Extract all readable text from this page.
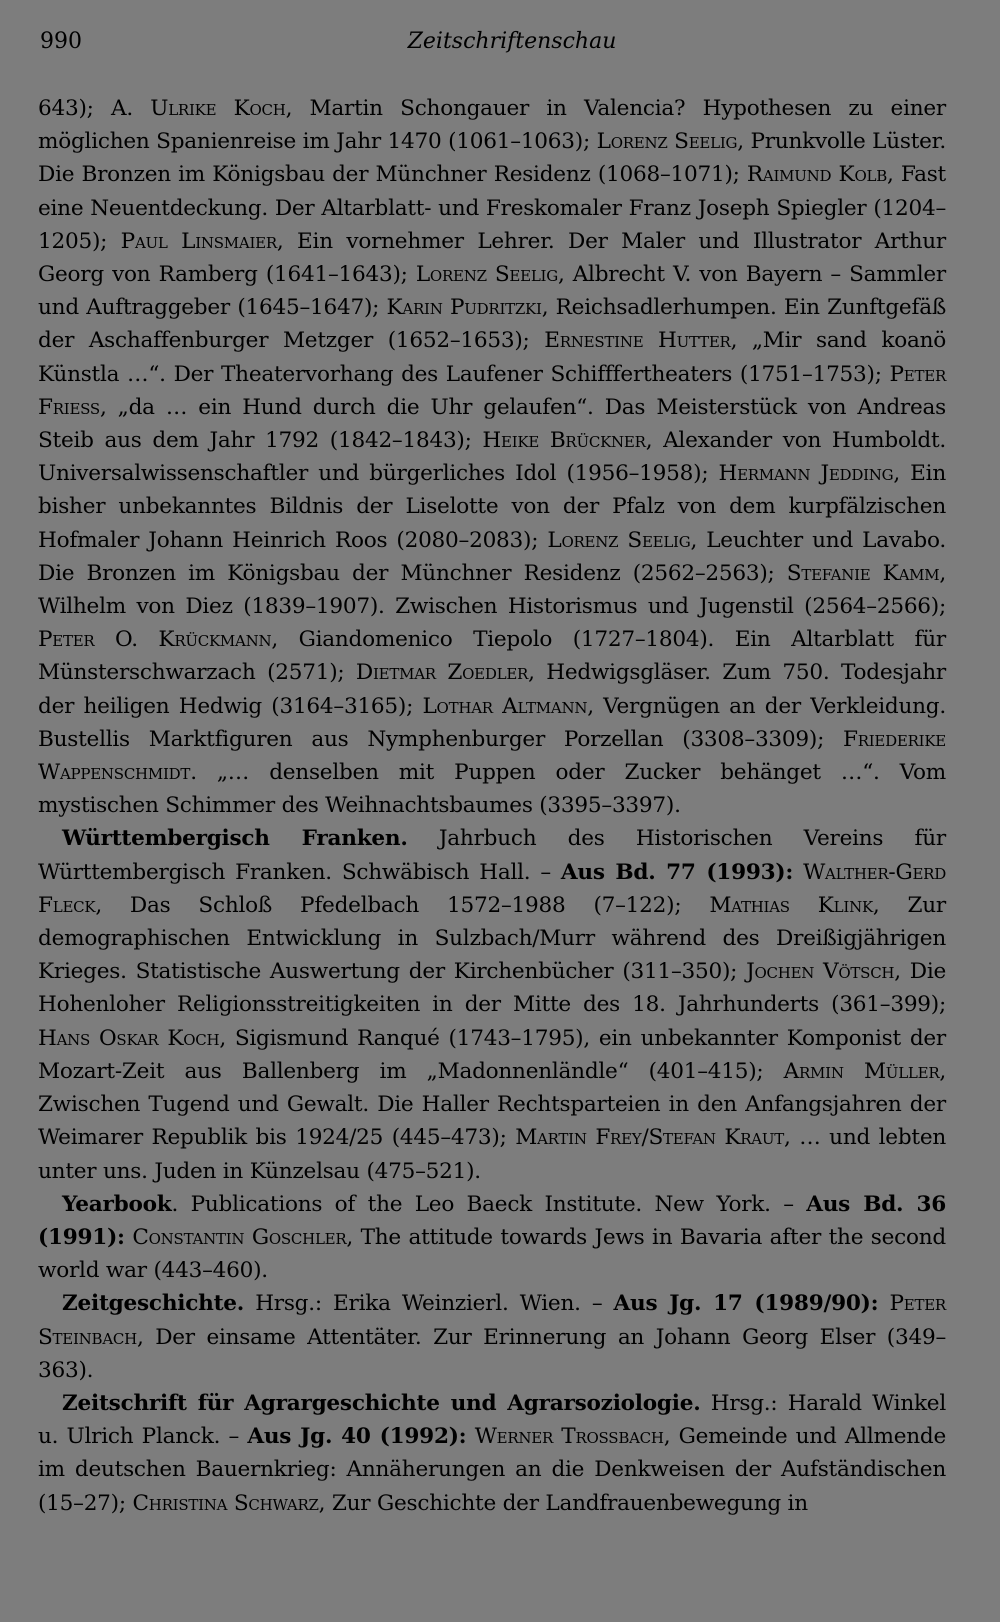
990	Zeitschriftenschau

643); A. Ulrike Koch, Martin Schongauer in Valencia? Hypothesen zu einer möglichen Spanienreise im Jahr 1470 (1061–1063); Lorenz Seelig, Prunkvolle Lüster. Die Bronzen im Königsbau der Münchner Residenz (1068–1071); Raimund Kolb, Fast eine Neuentdeckung. Der Altarblatt- und Freskomaler Franz Joseph Spiegler (1204–1205); Paul Linsmaier, Ein vornehmer Lehrer. Der Maler und Illustrator Arthur Georg von Ramberg (1641–1643); Lorenz Seelig, Albrecht V. von Bayern – Sammler und Auftraggeber (1645–1647); Karin Pudritzki, Reichsadlerhumpen. Ein Zunftgefäß der Aschaffenburger Metzger (1652–1653); Ernestine Hutter, „Mir sand koanö Künstla …“. Der Theatervorhang des Laufener Schifffertheaters (1751–1753); Peter Friess, „da … ein Hund durch die Uhr gelaufen“. Das Meisterstück von Andreas Steib aus dem Jahr 1792 (1842–1843); Heike Brückner, Alexander von Humboldt. Universalwissenschaftler und bürgerliches Idol (1956–1958); Hermann Jedding, Ein bisher unbekanntes Bildnis der Liselotte von der Pfalz von dem kurpfälzischen Hofmaler Johann Heinrich Roos (2080–2083); Lorenz Seelig, Leuchter und Lavabo. Die Bronzen im Königsbau der Münchner Residenz (2562–2563); Stefanie Kamm, Wilhelm von Diez (1839–1907). Zwischen Historismus und Jugenstil (2564–2566); Peter O. Krückmann, Giandomenico Tiepolo (1727–1804). Ein Altarblatt für Münsterschwarzach (2571); Dietmar Zoedler, Hedwigsgläser. Zum 750. Todesjahr der heiligen Hedwig (3164–3165); Lothar Altmann, Vergnügen an der Verkleidung. Bustellis Marktfiguren aus Nymphenburger Porzellan (3308–3309); Friederike Wappenschmidt. „… denselben mit Puppen oder Zucker behänget …“. Vom mystischen Schimmer des Weihnachtsbaumes (3395–3397).

Württembergisch Franken. Jahrbuch des Historischen Vereins für Württembergisch Franken. Schwäbisch Hall. – Aus Bd. 77 (1993): Walther-Gerd Fleck, Das Schloß Pfedelbach 1572–1988 (7–122); Mathias Klink, Zur demographischen Entwicklung in Sulzbach/Murr während des Dreißigjährigen Krieges. Statistische Auswertung der Kirchenbücher (311–350); Jochen Vötsch, Die Hohenloher Religionsstreitigkeiten in der Mitte des 18. Jahrhunderts (361–399); Hans Oskar Koch, Sigismund Ranqué (1743–1795), ein unbekannter Komponist der Mozart-Zeit aus Ballenberg im „Madonnenländle“ (401–415); Armin Müller, Zwischen Tugend und Gewalt. Die Haller Rechtsparteien in den Anfangsjahren der Weimarer Republik bis 1924/25 (445–473); Martin Frey/Stefan Kraut, … und lebten unter uns. Juden in Künzelsau (475–521).

Yearbook. Publications of the Leo Baeck Institute. New York. – Aus Bd. 36 (1991): Constantin Goschler, The attitude towards Jews in Bavaria after the second world war (443–460).

Zeitgeschichte. Hrsg.: Erika Weinzierl. Wien. – Aus Jg. 17 (1989/90): Peter Steinbach, Der einsame Attentäter. Zur Erinnerung an Johann Georg Elser (349–363).

Zeitschrift für Agrargeschichte und Agrarsoziologie. Hrsg.: Harald Winkel u. Ulrich Planck. – Aus Jg. 40 (1992): Werner Trossbach, Gemeinde und Allmende im deutschen Bauernkrieg: Annäherungen an die Denkweisen der Aufständischen (15–27); Christina Schwarz, Zur Geschichte der Landfrauenbewegung in
